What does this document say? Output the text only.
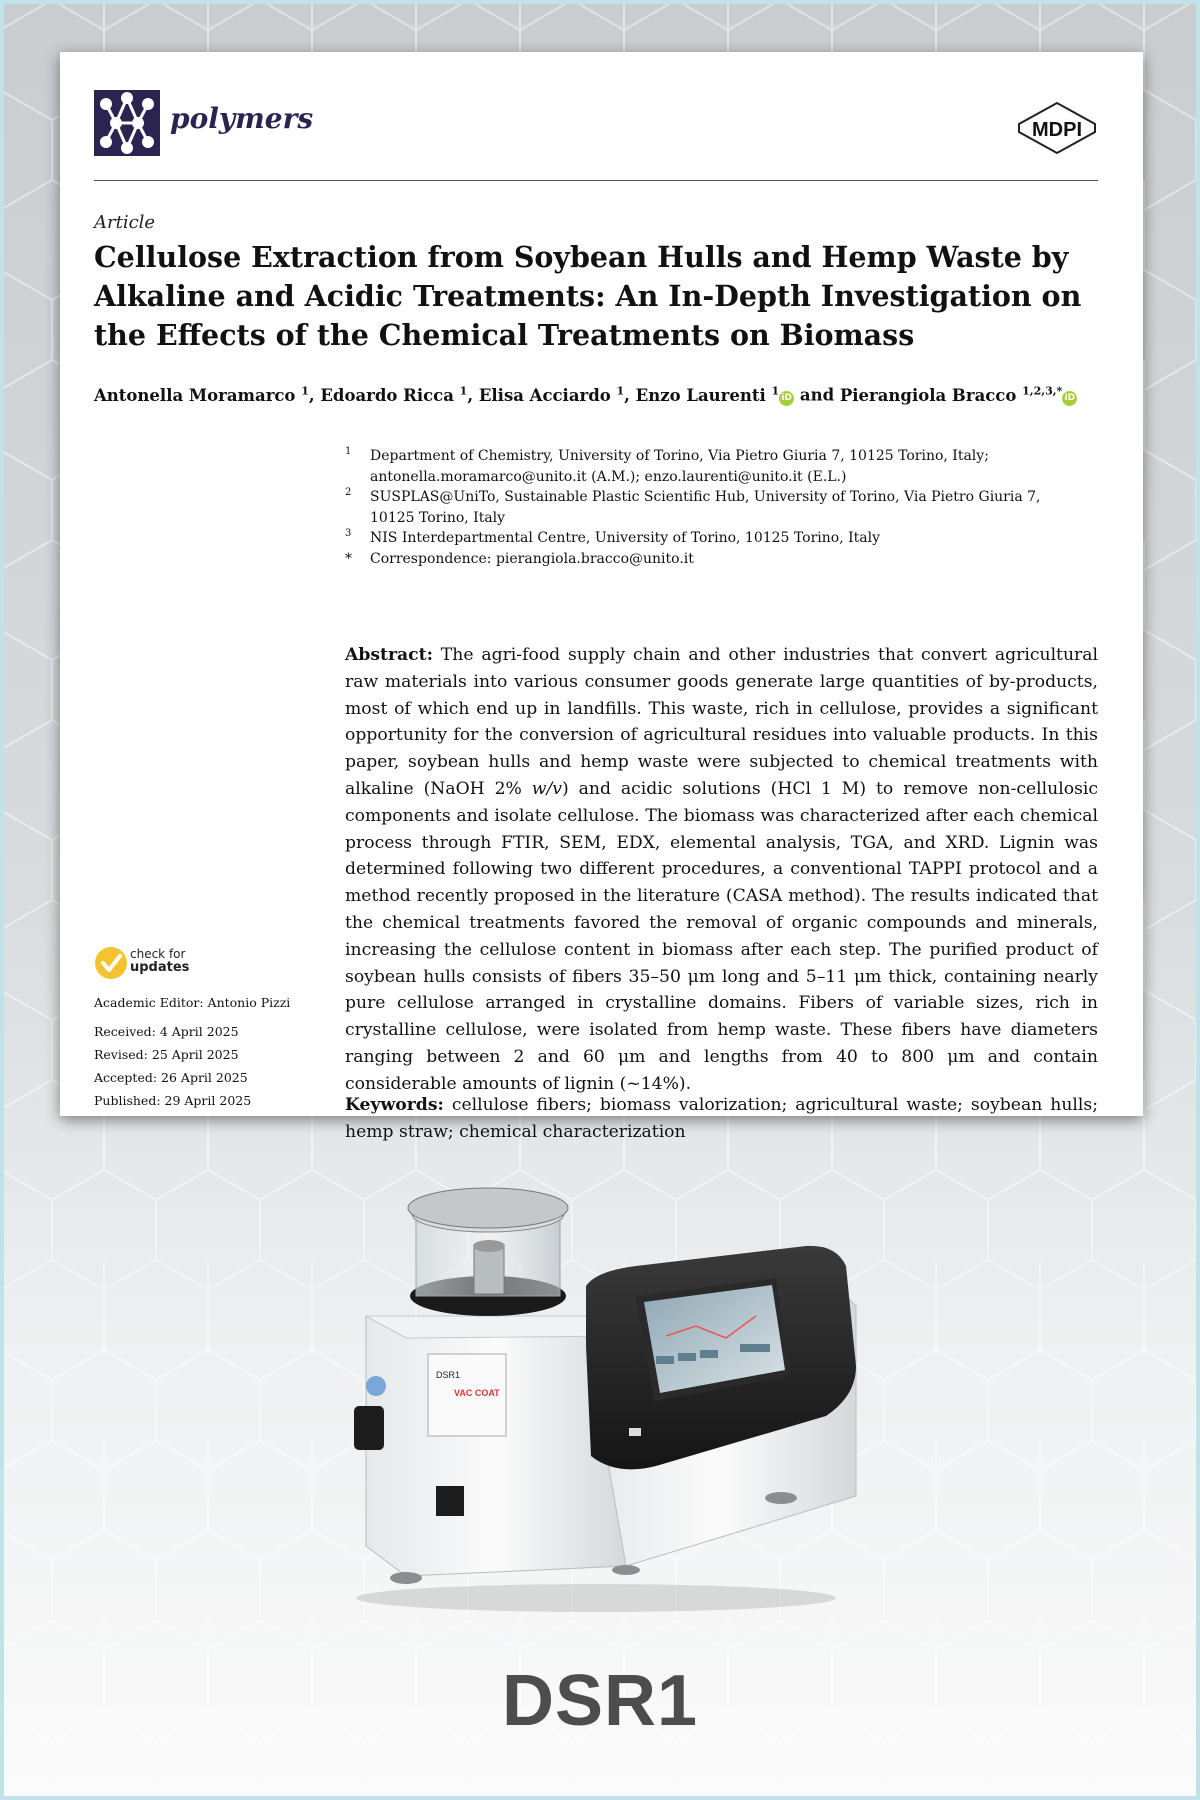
polymers	MDPI
Article
Cellulose Extraction from Soybean Hulls and Hemp Waste by Alkaline and Acidic Treatments: An In-Depth Investigation on the Effects of the Chemical Treatments on Biomass
Antonella Moramarco $^1$, Edoardo Ricca $^1$, Elisa Acciardo $^1$, Enzo Laurenti $^1$iD and Pierangiola Bracco $^{1,2,3,*}$iD
1 Department of Chemistry, University of Torino, Via Pietro Giuria 7, 10125 Torino, Italy;
antonella.moramarco@unito.it (A.M.); enzo.laurenti@unito.it (E.L.)
2 SUSPLAS@UniTo, Sustainable Plastic Scientific Hub, University of Torino, Via Pietro Giuria 7,
10125 Torino, Italy
3 NIS Interdepartmental Centre, University of Torino, 10125 Torino, Italy
* Correspondence: pierangiola.bracco@unito.it

Abstract: The agri-food supply chain and other industries that convert agricultural raw materials into various consumer goods generate large quantities of by-products, most of which end up in landfills. This waste, rich in cellulose, provides a significant opportunity for the conversion of agricultural residues into valuable products. In this paper, soybean hulls and hemp waste were subjected to chemical treatments with alkaline (NaOH 2% w/v) and acidic solutions (HCl 1 M) to remove non-cellulosic components and isolate cellulose. The biomass was characterized after each chemical process through FTIR, SEM, EDX, elemental analysis, TGA, and XRD. Lignin was determined following two different procedures, a conventional TAPPI protocol and a method recently proposed in the literature (CASA method). The results indicated that the chemical treatments favored the removal of organic compounds and minerals, increasing the cellulose content in biomass after each step. The purified product of soybean hulls consists of fibers 35–50 μm long and 5–11 μm thick, containing nearly pure cellulose arranged in crystalline domains. Fibers of variable sizes, rich in crystalline cellulose, were isolated from hemp waste. These fibers have diameters ranging between 2 and 60 μm and lengths from 40 to 800 μm and contain considerable amounts of lignin (~14%).

Keywords: cellulose fibers; biomass valorization; agricultural waste; soybean hulls; hemp straw; chemical characterization

check for
updates
Academic Editor: Antonio Pizzi
Received: 4 April 2025
Revised: 25 April 2025
Accepted: 26 April 2025
Published: 29 April 2025
DSR1
VAC COAT
DSR1
